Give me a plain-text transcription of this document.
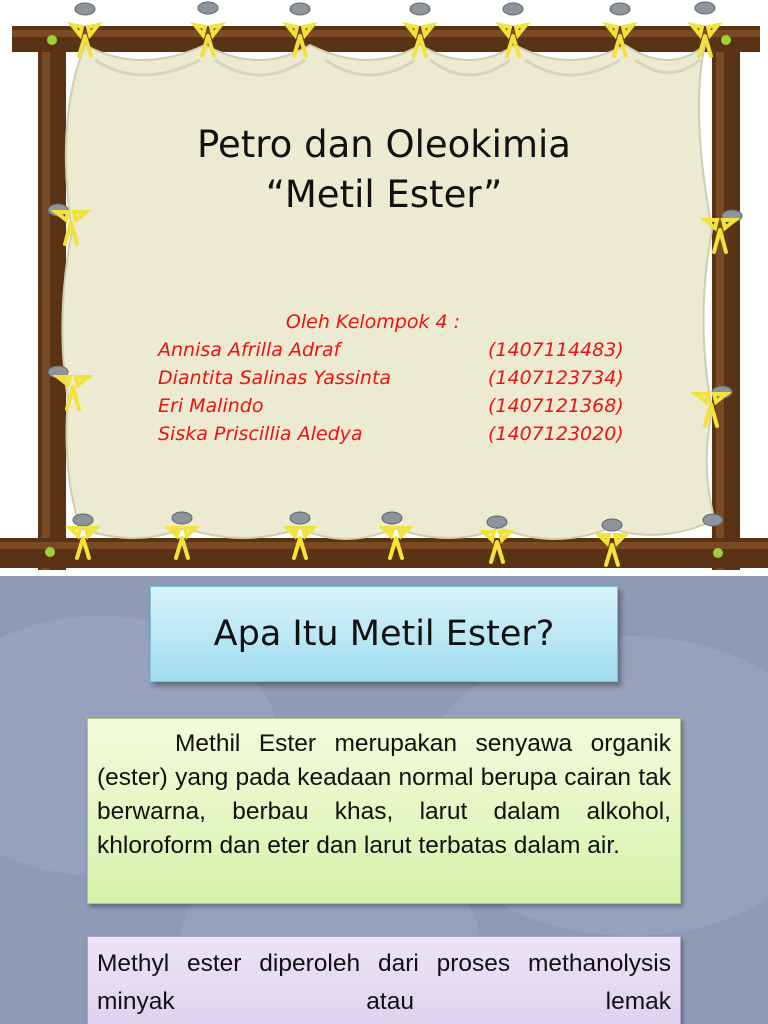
Petro dan Oleokimia
“Metil Ester”
Oleh Kelompok 4 :
Annisa Afrilla Adraf	(1407114483)
Diantita Salinas Yassinta	(1407123734)
Eri Malindo	(1407121368)
Siska Priscillia Aledya	(1407123020)
Apa Itu Metil Ester?
Methil Ester merupakan senyawa organik (ester) yang pada keadaan normal berupa cairan tak berwarna, berbau khas, larut dalam alkohol, khloroform dan eter dan larut terbatas dalam air.
Methyl ester diperoleh dari proses methanolysis minyak atau lemak
